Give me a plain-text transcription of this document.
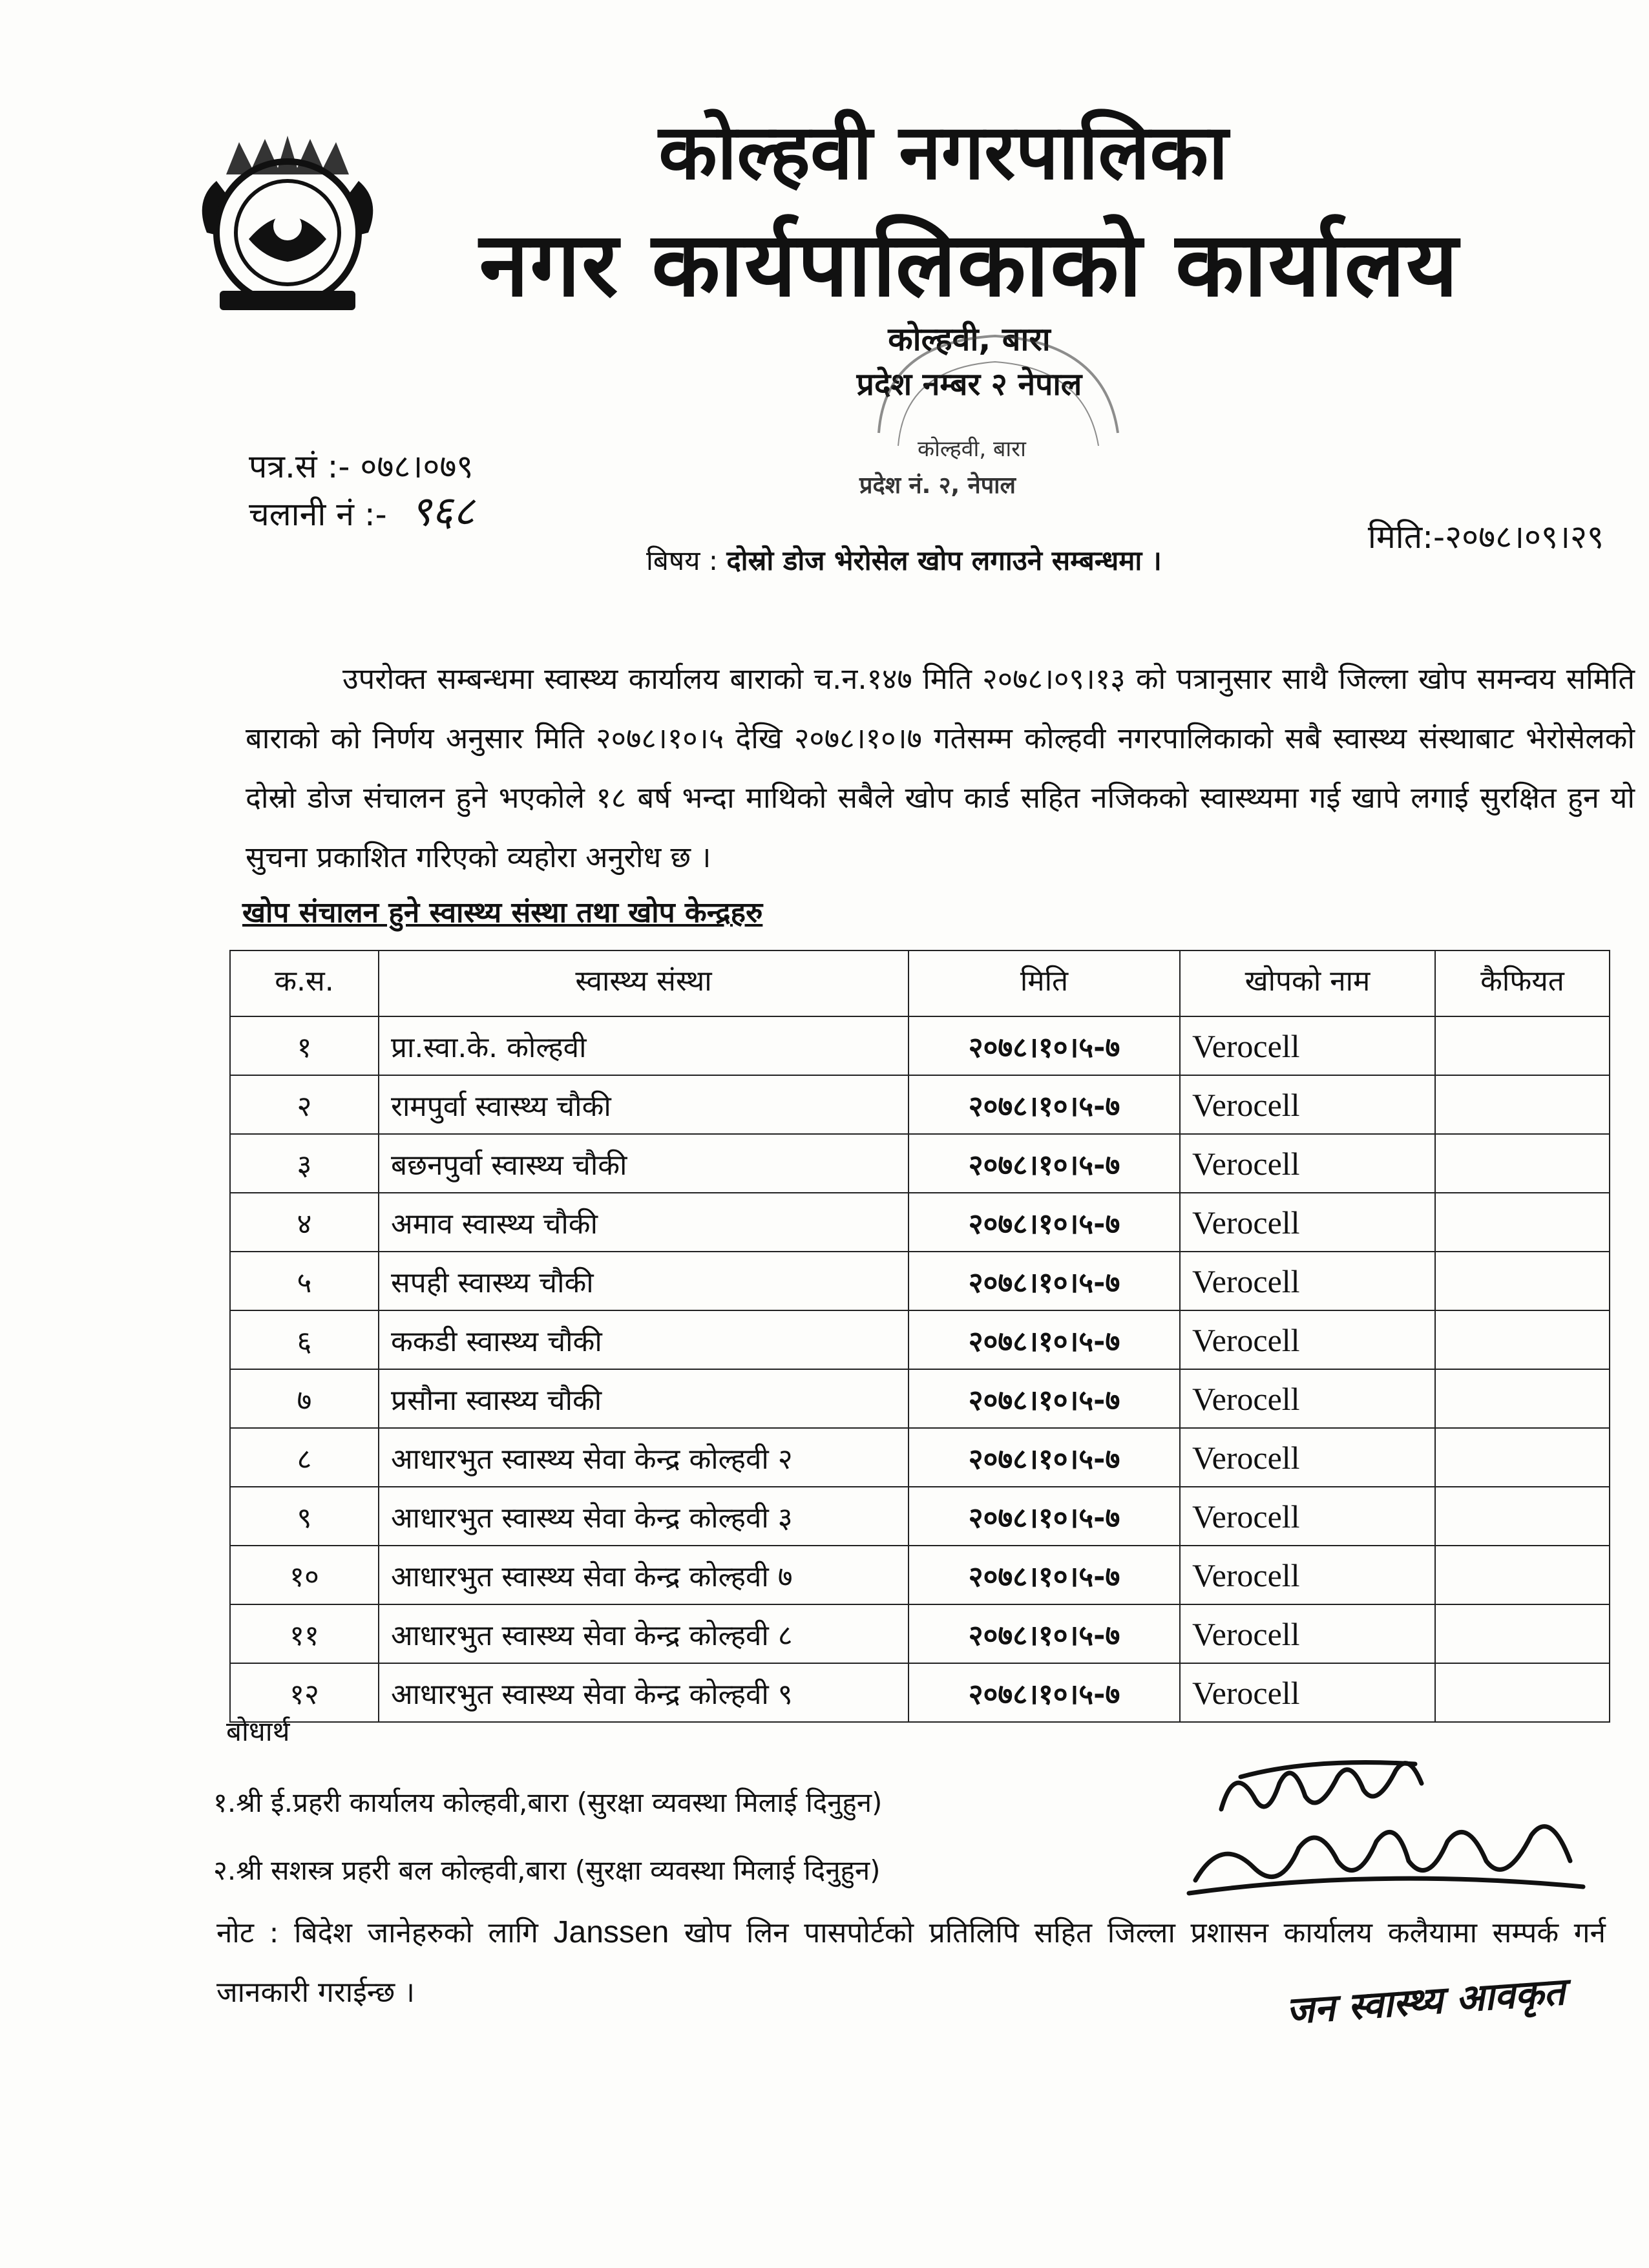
कोल्हवी नगरपालिका
नगर कार्यपालिकाको कार्यालय
कोल्हवी, बारा
प्रदेश नम्बर २ नेपाल
कोल्हवी, बारा
प्रदेश नं. २, नेपाल
पत्र.सं :- ०७८।०७९
चलानी नं :- ९६८
मिति:-२०७८।०९।२९
बिषय : दोस्रो डोज भेरोसेल खोप लगाउने सम्बन्धमा ।
उपरोक्त सम्बन्धमा स्वास्थ्य कार्यालय बाराको च.न.१४७ मिति २०७८।०९।१३ को पत्रानुसार साथै जिल्ला खोप समन्वय समिति बाराको को निर्णय अनुसार मिति २०७८।१०।५ देखि २०७८।१०।७ गतेसम्म कोल्हवी नगरपालिकाको सबै स्वास्थ्य संस्थाबाट भेरोसेलको दोस्रो डोज संचालन हुने भएकोले १८ बर्ष भन्दा माथिको सबैले खोप कार्ड सहित नजिकको स्वास्थ्यमा गई खापे लगाई सुरक्षित हुन यो सुचना प्रकाशित गरिएको व्यहोरा अनुरोध छ ।
खोप संचालन हुने स्वास्थ्य संस्था तथा खोप केन्द्रहरु
क.स.	स्वास्थ्य संस्था	मिति	खोपको नाम	कैफियत
१	प्रा.स्वा.के. कोल्हवी	२०७८।१०।५-७	Verocell	
२	रामपुर्वा स्वास्थ्य चौकी	२०७८।१०।५-७	Verocell	
३	बछनपुर्वा स्वास्थ्य चौकी	२०७८।१०।५-७	Verocell	
४	अमाव स्वास्थ्य चौकी	२०७८।१०।५-७	Verocell	
५	सपही स्वास्थ्य चौकी	२०७८।१०।५-७	Verocell	
६	ककडी स्वास्थ्य चौकी	२०७८।१०।५-७	Verocell	
७	प्रसौना स्वास्थ्य चौकी	२०७८।१०।५-७	Verocell	
८	आधारभुत स्वास्थ्य सेवा केन्द्र कोल्हवी २	२०७८।१०।५-७	Verocell	
९	आधारभुत स्वास्थ्य सेवा केन्द्र कोल्हवी ३	२०७८।१०।५-७	Verocell	
१०	आधारभुत स्वास्थ्य सेवा केन्द्र कोल्हवी ७	२०७८।१०।५-७	Verocell	
११	आधारभुत स्वास्थ्य सेवा केन्द्र कोल्हवी ८	२०७८।१०।५-७	Verocell	
१२	आधारभुत स्वास्थ्य सेवा केन्द्र कोल्हवी ९	२०७८।१०।५-७	Verocell	
बोधार्थ
१.श्री ई.प्रहरी कार्यालय कोल्हवी,बारा (सुरक्षा व्यवस्था मिलाई दिनुहुन)
२.श्री सशस्त्र प्रहरी बल कोल्हवी,बारा (सुरक्षा व्यवस्था मिलाई दिनुहुन)
नोट : बिदेश जानेहरुको लागि Janssen खोप लिन पासपोर्टको प्रतिलिपि सहित जिल्ला प्रशासन कार्यालय कलैयामा सम्पर्क गर्न जानकारी गराईन्छ ।	जन स्वास्थ्य आवकृत
